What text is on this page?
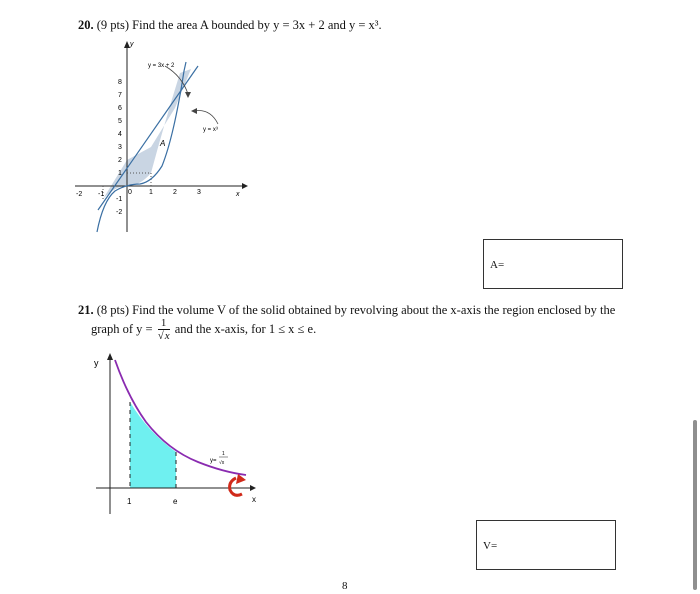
20. (9 pts) Find the area A bounded by y = 3x + 2 and y = x³.
y
x
8
7
6
5
4
3
2
1
-1
-2
-2 -1	0 1	2	3
y = 3x + 2
y = x³
A
A=
21. (8 pts) Find the volume V of the solid obtained by revolving about the x-axis the region enclosed by the
graph of $y = \frac{1}{√x}$ and the x-axis, for 1 ≤ x ≤ e.
y
x
1	e
y=
1
√x
V=
8
